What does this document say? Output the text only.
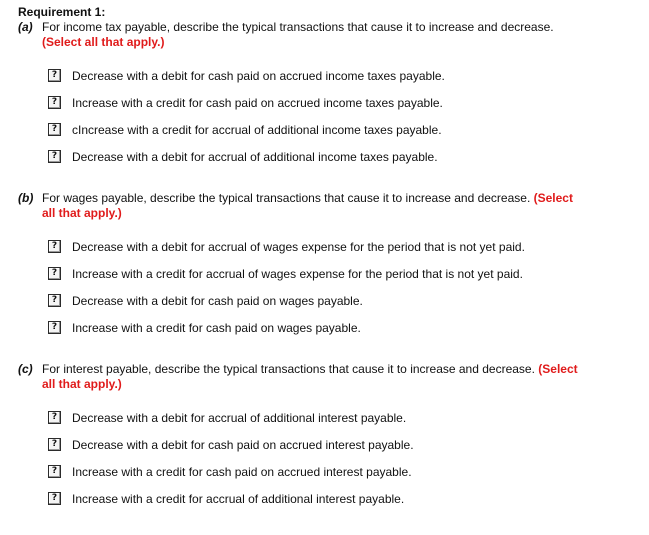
Requirement 1:
(a) For income tax payable, describe the typical transactions that cause it to increase and decrease.
(Select all that apply.)
? Decrease with a debit for cash paid on accrued income taxes payable.
? Increase with a credit for cash paid on accrued income taxes payable.
? cIncrease with a credit for accrual of additional income taxes payable.
? Decrease with a debit for accrual of additional income taxes payable.
(b) For wages payable, describe the typical transactions that cause it to increase and decrease. (Select
all that apply.)
? Decrease with a debit for accrual of wages expense for the period that is not yet paid.
? Increase with a credit for accrual of wages expense for the period that is not yet paid.
? Decrease with a debit for cash paid on wages payable.
? Increase with a credit for cash paid on wages payable.
(c) For interest payable, describe the typical transactions that cause it to increase and decrease. (Select
all that apply.)
? Decrease with a debit for accrual of additional interest payable.
? Decrease with a debit for cash paid on accrued interest payable.
? Increase with a credit for cash paid on accrued interest payable.
? Increase with a credit for accrual of additional interest payable.
